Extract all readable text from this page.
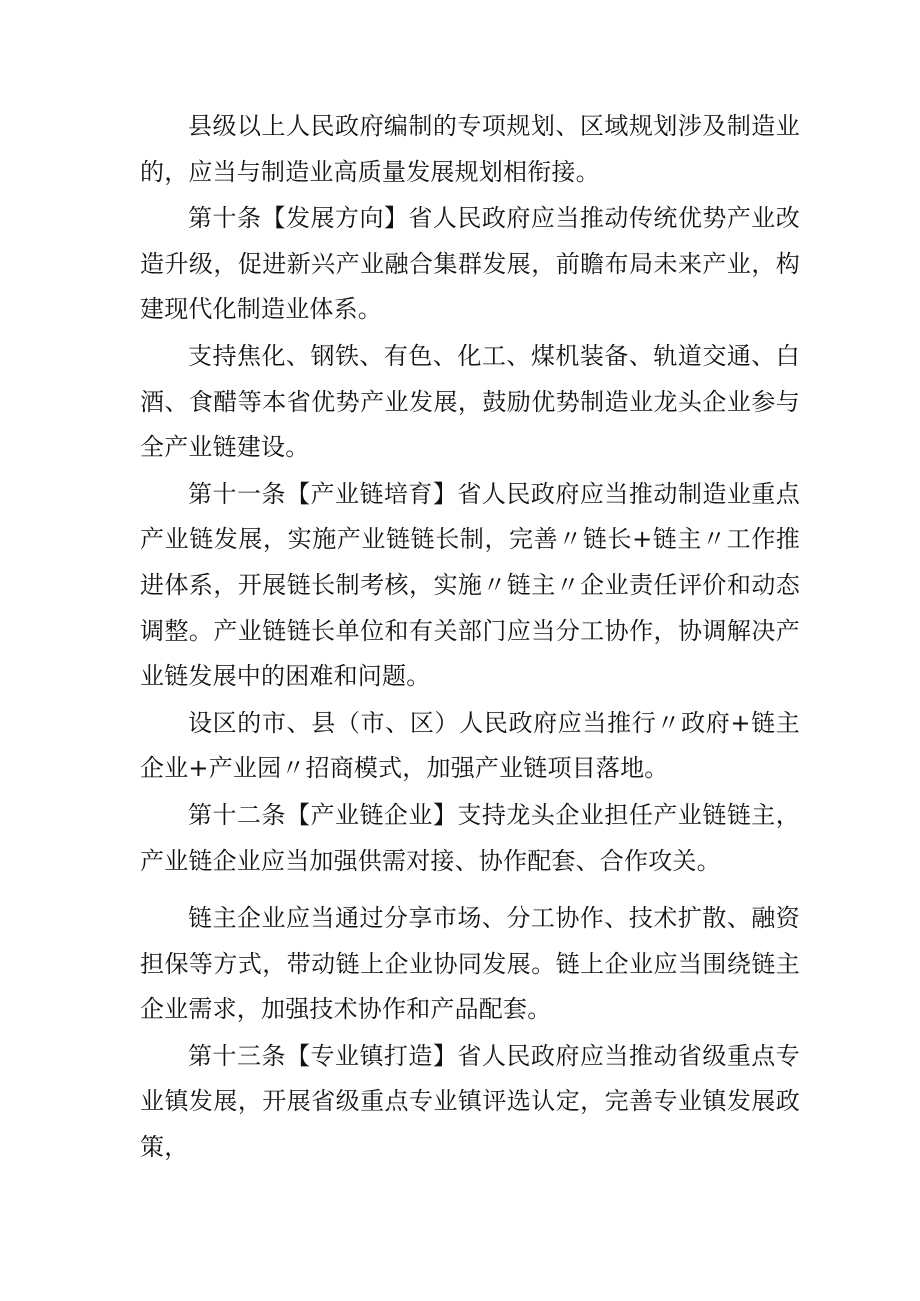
县级以上人民政府编制的专项规划、区域规划涉及制造业的，应当与制造业高质量发展规划相衔接。

第十条【发展方向】省人民政府应当推动传统优势产业改造升级，促进新兴产业融合集群发展，前瞻布局未来产业，构建现代化制造业体系。

支持焦化、钢铁、有色、化工、煤机装备、轨道交通、白酒、食醋等本省优势产业发展，鼓励优势制造业龙头企业参与全产业链建设。

第十一条【产业链培育】省人民政府应当推动制造业重点产业链发展，实施产业链链长制，完善〃链长+链主〃工作推进体系，开展链长制考核，实施〃链主〃企业责任评价和动态调整。产业链链长单位和有关部门应当分工协作，协调解决产业链发展中的困难和问题。

设区的市、县（市、区）人民政府应当推行〃政府+链主企业+产业园〃招商模式，加强产业链项目落地。

第十二条【产业链企业】支持龙头企业担任产业链链主，产业链企业应当加强供需对接、协作配套、合作攻关。

链主企业应当通过分享市场、分工协作、技术扩散、融资担保等方式，带动链上企业协同发展。链上企业应当围绕链主企业需求，加强技术协作和产品配套。

第十三条【专业镇打造】省人民政府应当推动省级重点专业镇发展，开展省级重点专业镇评选认定，完善专业镇发展政策，
